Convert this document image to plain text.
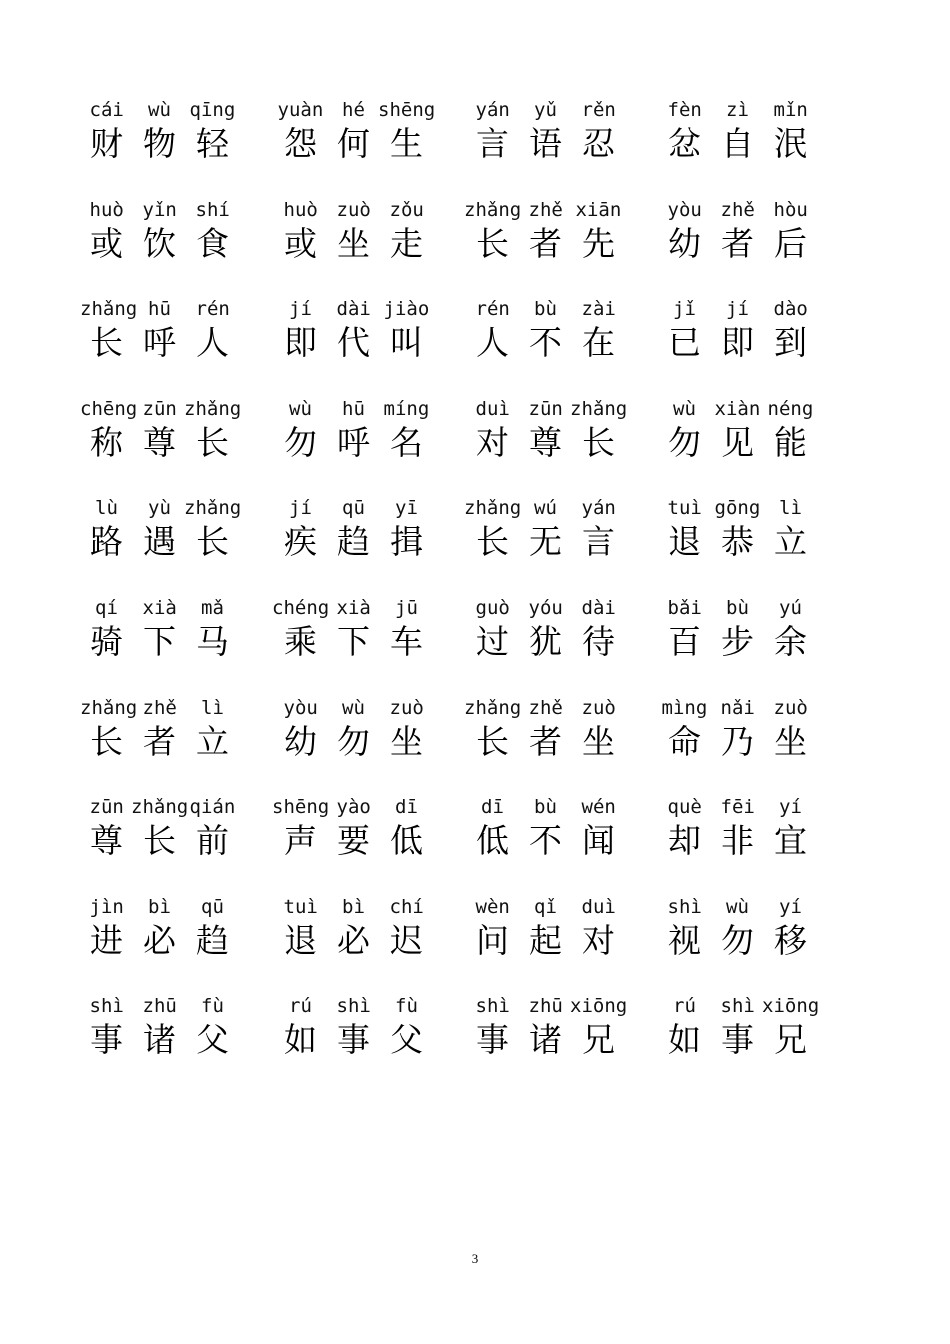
cái
财
wù
物
qīng
轻
yuàn
怨
hé
何
shēng
生
yán
言
yǔ
语
rěn
忍
fèn
忿
zì
自
mǐn
泯
huò
或
yǐn
饮
shí
食
huò
或
zuò
坐
zǒu
走
zhǎng
长
zhě
者
xiān
先
yòu
幼
zhě
者
hòu
后
zhǎng
长
hū
呼
rén
人
jí
即
dài
代
jiào
叫
rén
人
bù
不
zài
在
jǐ
已
jí
即
dào
到
chēng
称
zūn
尊
zhǎng
长
wù
勿
hū
呼
míng
名
duì
对
zūn
尊
zhǎng
长
wù
勿
xiàn
见
néng
能
lù
路
yù
遇
zhǎng
长
jí
疾
qū
趋
yī
揖
zhǎng
长
wú
无
yán
言
tuì
退
gōng
恭
lì
立
qí
骑
xià
下
mǎ
马
chéng
乘
xià
下
jū
车
guò
过
yóu
犹
dài
待
bǎi
百
bù
步
yú
余
zhǎng
长
zhě
者
lì
立
yòu
幼
wù
勿
zuò
坐
zhǎng
长
zhě
者
zuò
坐
mìng
命
nǎi
乃
zuò
坐
zūn
尊
zhǎng
长
qián
前
shēng
声
yào
要
dī
低
dī
低
bù
不
wén
闻
què
却
fēi
非
yí
宜
jìn
进
bì
必
qū
趋
tuì
退
bì
必
chí
迟
wèn
问
qǐ
起
duì
对
shì
视
wù
勿
yí
移
shì
事
zhū
诸
fù
父
rú
如
shì
事
fù
父
shì
事
zhū
诸
xiōng
兄
rú
如
shì
事
xiōng
兄
3
